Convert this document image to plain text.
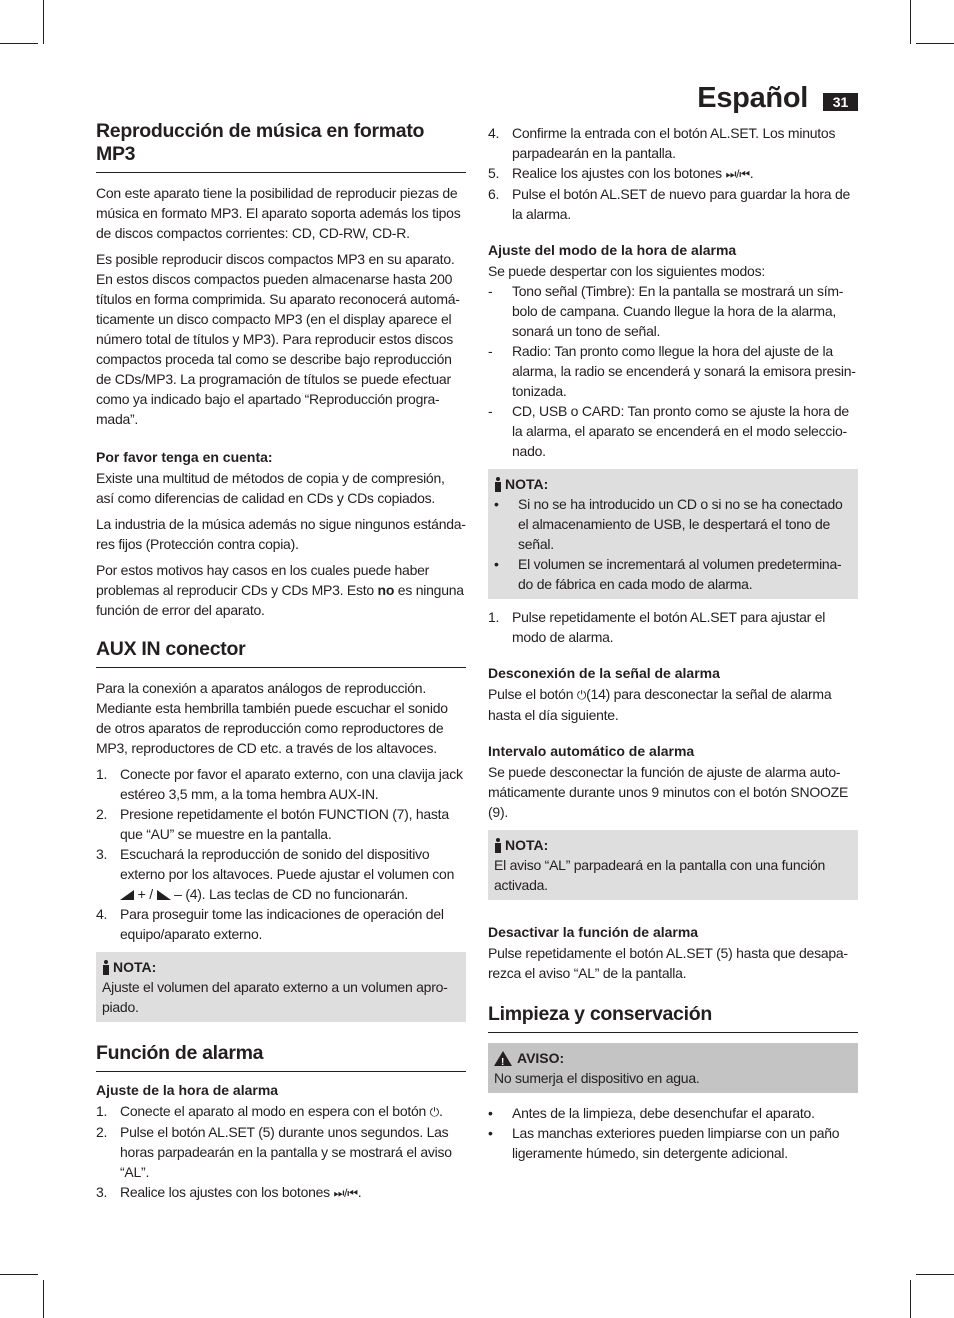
Español	31
Reproducción de música en formato MP3

Con este aparato tiene la posibilidad de reproducir piezas de música en formato MP3. El aparato soporta además los tipos de discos compactos corrientes: CD, CD-RW, CD-R.

Es posible reproducir discos compactos MP3 en su aparato. En estos discos compactos pueden almacenarse hasta 200 títulos en forma comprimida. Su aparato reconocerá automá-ticamente un disco compacto MP3 (en el display aparece el número total de títulos y MP3). Para reproducir estos discos compactos proceda tal como se describe bajo reproducción de CDs/MP3. La programación de títulos se puede efectuar como ya indicado bajo el apartado “Reproducción progra-mada”.

Por favor tenga en cuenta:

Existe una multitud de métodos de copia y de compresión, así como diferencias de calidad en CDs y CDs copiados.

La industria de la música además no sigue ningunos estánda-res fijos (Protección contra copia).

Por estos motivos hay casos en los cuales puede haber problemas al reproducir CDs y CDs MP3. Esto no es ninguna función de error del aparato.

AUX IN conector

Para la conexión a aparatos análogos de reproducción. Mediante esta hembrilla también puede escuchar el sonido de otros aparatos de reproducción como reproductores de MP3, reproductores de CD etc. a través de los altavoces.

1. Conecte por favor el aparato externo, con una clavija jack estéreo 3,5 mm, a la toma hembra AUX-IN.
2. Presione repetidamente el botón FUNCTION (7), hasta que “AU” se muestre en la pantalla.
3. Escuchará la reproducción de sonido del dispositivo externo por los altavoces. Puede ajustar el volumen con  + / – (4). Las teclas de CD no funcionarán.
4. Para proseguir tome las indicaciones de operación del equipo/aparato externo.
NOTA:

Ajuste el volumen del aparato externo a un volumen apro-piado.

Función de alarma
Ajuste de la hora de alarma
1. Conecte el aparato al modo en espera con el botón ⏻.
2. Pulse el botón AL.SET (5) durante unos segundos. Las horas parpadearán en la pantalla y se mostrará el aviso “AL”.
3. Realice los ajustes con los botones ⏭/⏮.
4. Confirme la entrada con el botón AL.SET. Los minutos parpadearán en la pantalla.
5. Realice los ajustes con los botones ⏭/⏮.
6. Pulse el botón AL.SET de nuevo para guardar la hora de la alarma.
Ajuste del modo de la hora de alarma

Se puede despertar con los siguientes modos:

- Tono señal (Timbre): En la pantalla se mostrará un sím-bolo de campana. Cuando llegue la hora de la alarma, sonará un tono de señal.
- Radio: Tan pronto como llegue la hora del ajuste de la alarma, la radio se encenderá y sonará la emisora presin-tonizada.
- CD, USB o CARD: Tan pronto como se ajuste la hora de la alarma, el aparato se encenderá en el modo seleccio-nado.
NOTA:
• Si no se ha introducido un CD o si no se ha conectado el almacenamiento de USB, le despertará el tono de señal.
• El volumen se incrementará al volumen predetermina-do de fábrica en cada modo de alarma.
1. Pulse repetidamente el botón AL.SET para ajustar el modo de alarma.
Desconexión de la señal de alarma

Pulse el botón ⏻(14) para desconectar la señal de alarma hasta el día siguiente.

Intervalo automático de alarma

Se puede desconectar la función de ajuste de alarma auto-máticamente durante unos 9 minutos con el botón SNOOZE (9).

NOTA:

El aviso “AL” parpadeará en la pantalla con una función activada.

Desactivar la función de alarma

Pulse repetidamente el botón AL.SET (5) hasta que desapa-rezca el aviso “AL” de la pantalla.

Limpieza y conservación
!
AVISO:

No sumerja el dispositivo en agua.

• Antes de la limpieza, debe desenchufar el aparato.
• Las manchas exteriores pueden limpiarse con un paño ligeramente húmedo, sin detergente adicional.
